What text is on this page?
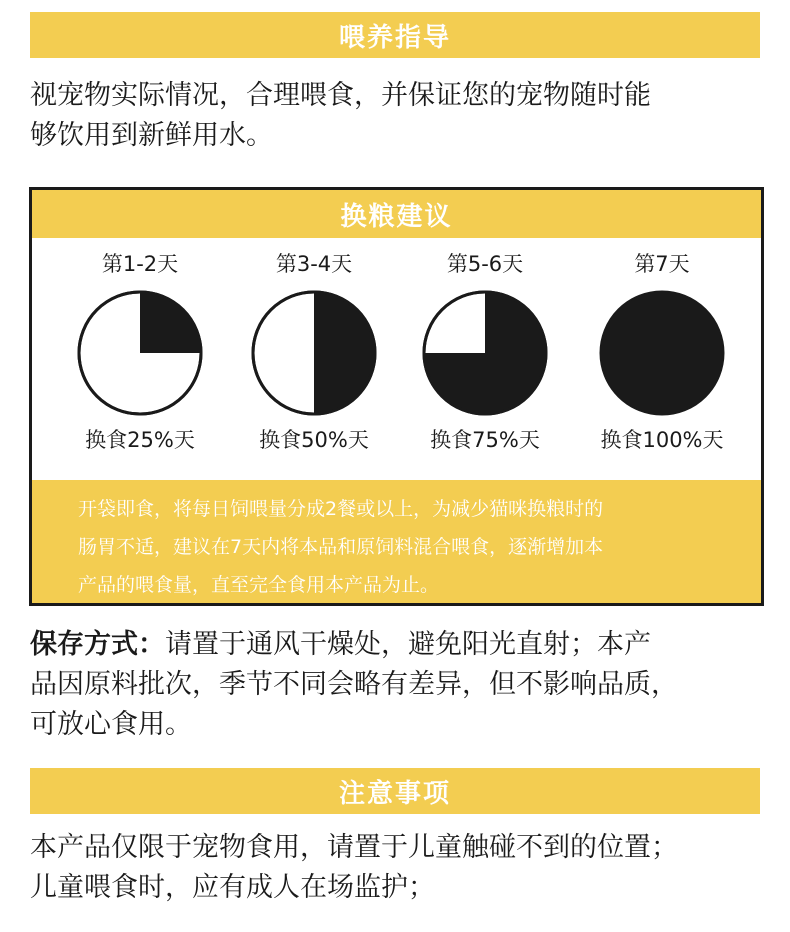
喂养指导
视宠物实际情况，合理喂食，并保证您的宠物随时能
够饮用到新鲜用水。
换粮建议
第1-2天
换食25%天
第3-4天
换食50%天
第5-6天
换食75%天
第7天
换食100%天
开袋即食，将每日饲喂量分成2餐或以上，为减少猫咪换粮时的
肠胃不适，建议在7天内将本品和原饲料混合喂食，逐渐增加本
产品的喂食量，直至完全食用本产品为止。
保存方式：请置于通风干燥处，避免阳光直射；本产
品因原料批次，季节不同会略有差异，但不影响品质，
可放心食用。
注意事项
本产品仅限于宠物食用，请置于儿童触碰不到的位置；
儿童喂食时，应有成人在场监护；
